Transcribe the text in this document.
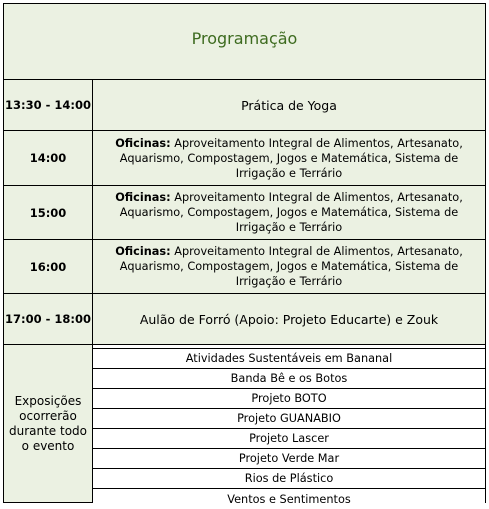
Programação
13:30 - 14:00	Prática de Yoga
14:00
Oficinas: Aproveitamento Integral de Alimentos, Artesanato, Aquarismo, Compostagem, Jogos e Matemática, Sistema de Irrigação e Terrário
15:00
Oficinas: Aproveitamento Integral de Alimentos, Artesanato, Aquarismo, Compostagem, Jogos e Matemática, Sistema de Irrigação e Terrário
16:00
Oficinas: Aproveitamento Integral de Alimentos, Artesanato, Aquarismo, Compostagem, Jogos e Matemática, Sistema de Irrigação e Terrário
17:00 - 18:00	Aulão de Forró (Apoio: Projeto Educarte) e Zouk
Exposições ocorrerão durante todo o evento
Atividades Sustentáveis em Bananal
Banda Bê e os Botos
Projeto BOTO
Projeto GUANABIO
Projeto Lascer
Projeto Verde Mar
Rios de Plástico
Ventos e Sentimentos
